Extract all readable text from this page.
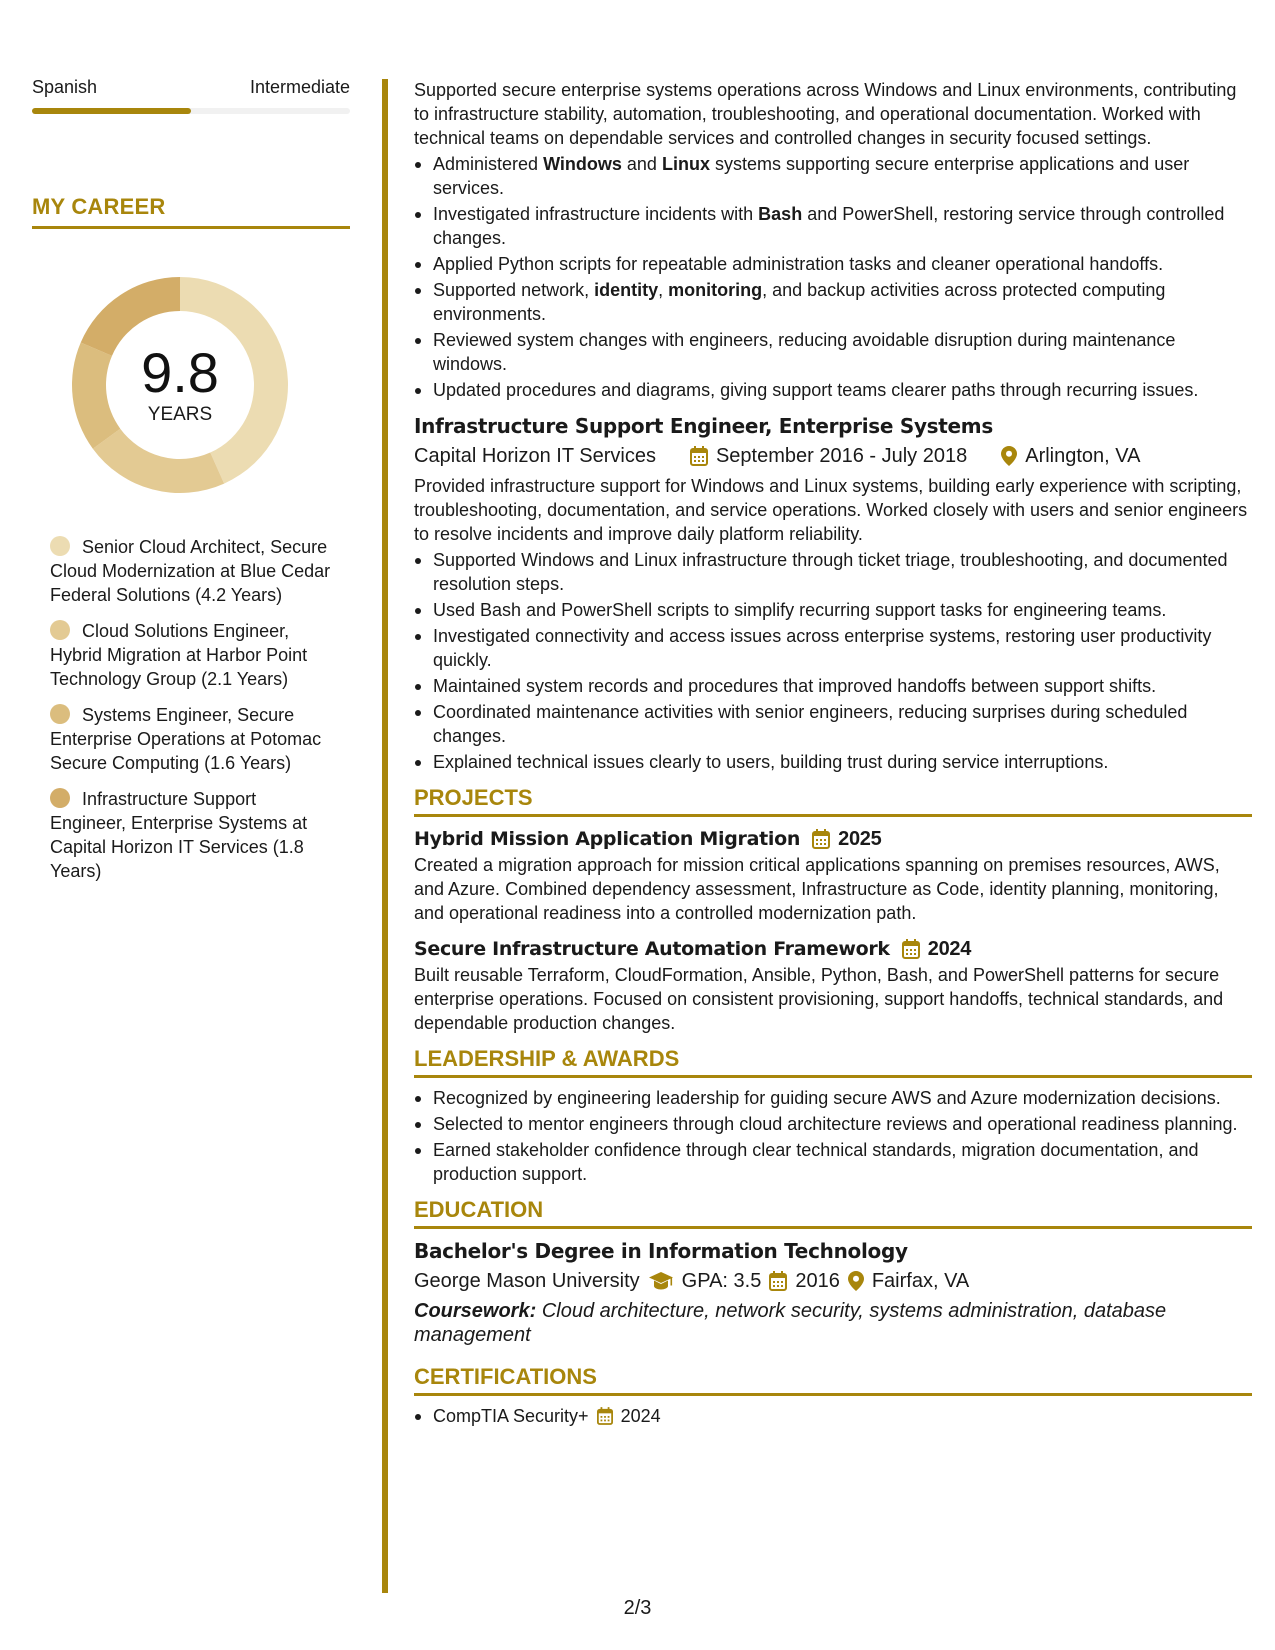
Spanish	Intermediate
MY CAREER
9.8
YEARS
Senior Cloud Architect, Secure Cloud Modernization at Blue Cedar Federal Solutions (4.2 Years)
Cloud Solutions Engineer, Hybrid Migration at Harbor Point Technology Group (2.1 Years)
Systems Engineer, Secure Enterprise Operations at Potomac Secure Computing (1.6 Years)
Infrastructure Support Engineer, Enterprise Systems at Capital Horizon IT Services (1.8 Years)
Supported secure enterprise systems operations across Windows and Linux environments, contributing to infrastructure stability, automation, troubleshooting, and operational documentation. Worked with technical teams on dependable services and controlled changes in security focused settings.
Administered Windows and Linux systems supporting secure enterprise applications and user services.
Investigated infrastructure incidents with Bash and PowerShell, restoring service through controlled changes.
Applied Python scripts for repeatable administration tasks and cleaner operational handoffs.
Supported network, identity, monitoring, and backup activities across protected computing environments.
Reviewed system changes with engineers, reducing avoidable disruption during maintenance windows.
Updated procedures and diagrams, giving support teams clearer paths through recurring issues.
Infrastructure Support Engineer, Enterprise Systems
Capital Horizon IT Services	September 2016 - July 2018	Arlington, VA
Provided infrastructure support for Windows and Linux systems, building early experience with scripting, troubleshooting, documentation, and service operations. Worked closely with users and senior engineers to resolve incidents and improve daily platform reliability.
Supported Windows and Linux infrastructure through ticket triage, troubleshooting, and documented resolution steps.
Used Bash and PowerShell scripts to simplify recurring support tasks for engineering teams.
Investigated connectivity and access issues across enterprise systems, restoring user productivity quickly.
Maintained system records and procedures that improved handoffs between support shifts.
Coordinated maintenance activities with senior engineers, reducing surprises during scheduled changes.
Explained technical issues clearly to users, building trust during service interruptions.
PROJECTS
Hybrid Mission Application Migration 2025
Created a migration approach for mission critical applications spanning on premises resources, AWS, and Azure. Combined dependency assessment, Infrastructure as Code, identity planning, monitoring, and operational readiness into a controlled modernization path.
Secure Infrastructure Automation Framework 2024
Built reusable Terraform, CloudFormation, Ansible, Python, Bash, and PowerShell patterns for secure enterprise operations. Focused on consistent provisioning, support handoffs, technical standards, and dependable production changes.
LEADERSHIP & AWARDS
Recognized by engineering leadership for guiding secure AWS and Azure modernization decisions.
Selected to mentor engineers through cloud architecture reviews and operational readiness planning.
Earned stakeholder confidence through clear technical standards, migration documentation, and production support.
EDUCATION
Bachelor's Degree in Information Technology
George Mason University GPA: 3.5 2016 Fairfax, VA
Coursework: Cloud architecture, network security, systems administration, database management
CERTIFICATIONS
CompTIA Security+ 2024
2/3
